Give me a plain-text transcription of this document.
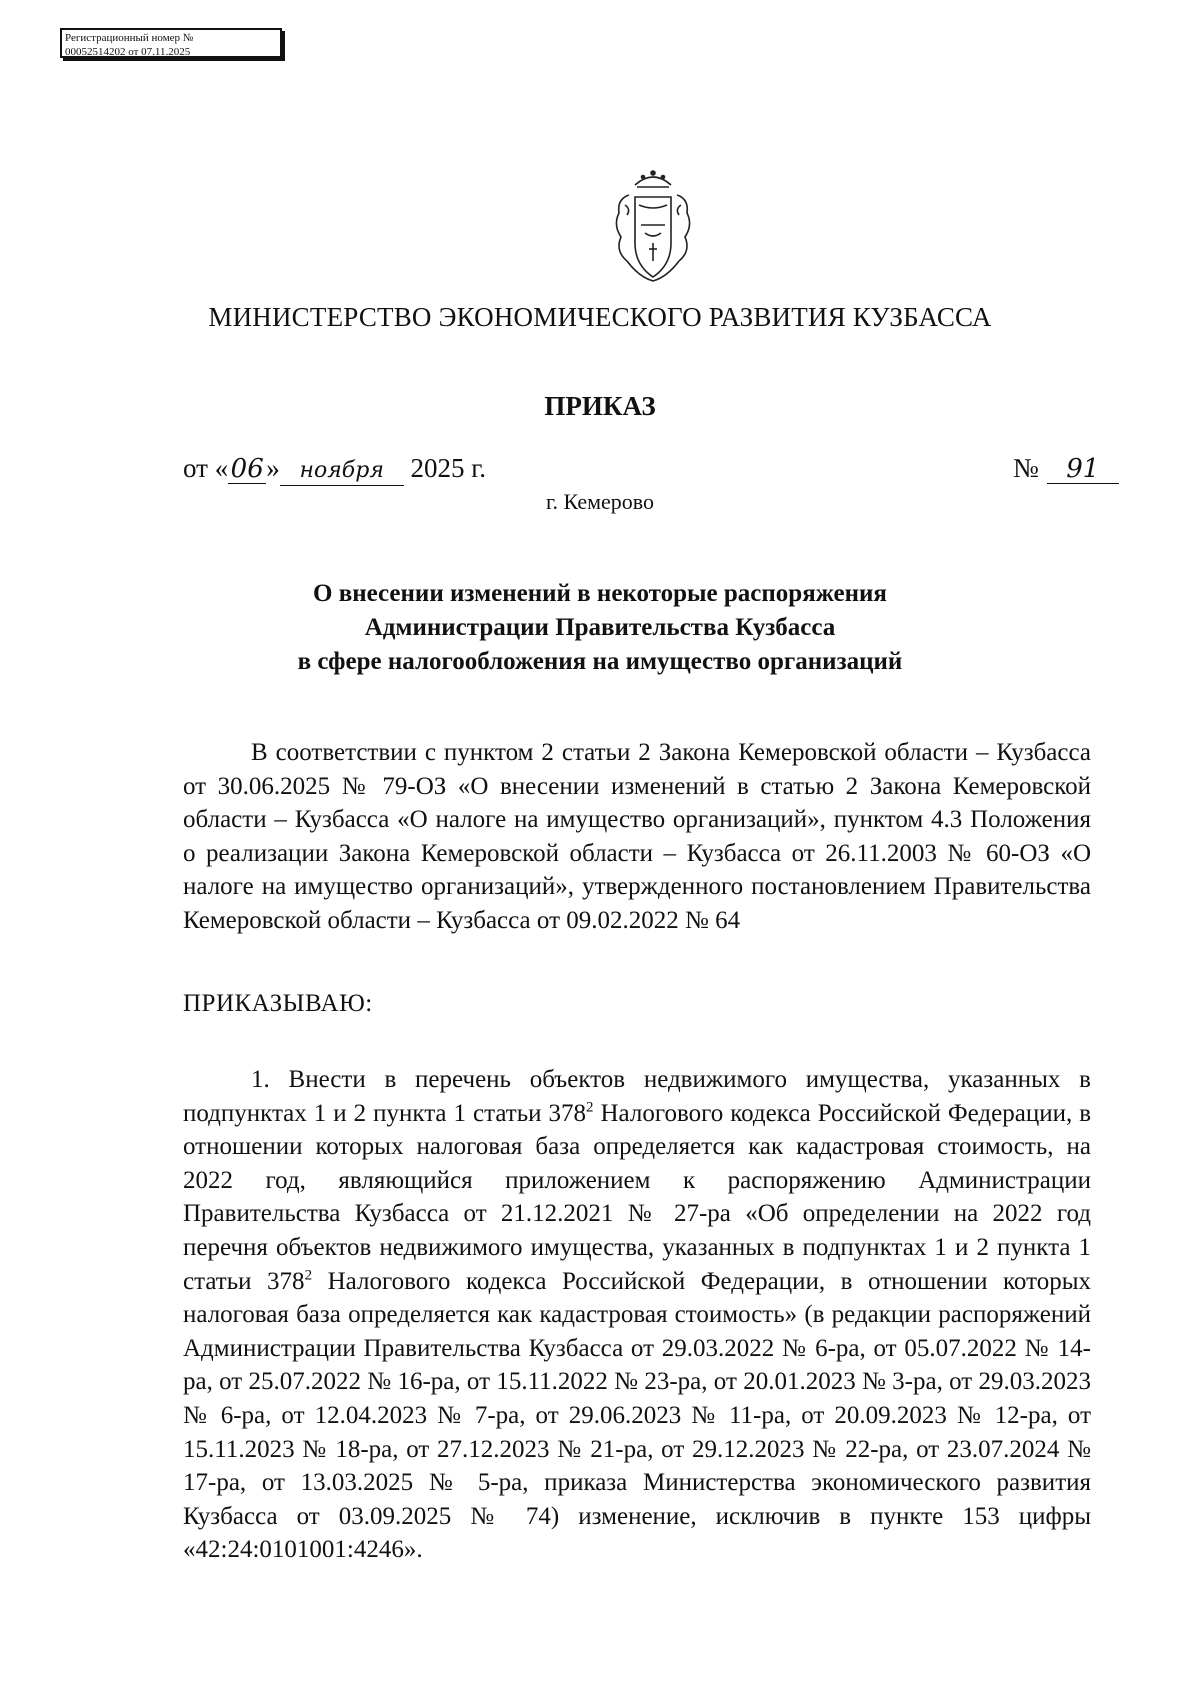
Регистрационный номер №
00052514202 от 07.11.2025
МИНИСТЕРСТВО ЭКОНОМИЧЕСКОГО РАЗВИТИЯ КУЗБАССА
ПРИКАЗ
от «06» ноября 2025 г.	№ 91
г. Кемерово
О внесении изменений в некоторые распоряжения
Администрации Правительства Кузбасса
в сфере налогообложения на имущество организаций

В соответствии с пунктом 2 статьи 2 Закона Кемеровской области – Кузбасса от 30.06.2025 № 79-ОЗ «О внесении изменений в статью 2 Закона Кемеровской области – Кузбасса «О налоге на имущество организаций», пунктом 4.3 Положения о реализации Закона Кемеровской области – Кузбасса от 26.11.2003 № 60-ОЗ «О налоге на имущество организаций», утвержденного постановлением Правительства Кемеровской области – Кузбасса от 09.02.2022 № 64

ПРИКАЗЫВАЮ:

1. Внести в перечень объектов недвижимого имущества, указанных в подпунктах 1 и 2 пункта 1 статьи $378^2$ Налогового кодекса Российской Федерации, в отношении которых налоговая база определяется как кадастровая стоимость, на 2022 год, являющийся приложением к распоряжению Администрации Правительства Кузбасса от 21.12.2021 № 27-ра «Об определении на 2022 год перечня объектов недвижимого имущества, указанных в подпунктах 1 и 2 пункта 1 статьи $378^2$ Налогового кодекса Российской Федерации, в отношении которых налоговая база определяется как кадастровая стоимость» (в редакции распоряжений Администрации Правительства Кузбасса от 29.03.2022 № 6-ра, от 05.07.2022 № 14-ра, от 25.07.2022 № 16-ра, от 15.11.2022 № 23-ра, от 20.01.2023 № 3-ра, от 29.03.2023 № 6-ра, от 12.04.2023 № 7-ра, от 29.06.2023 № 11-ра, от 20.09.2023 № 12-ра, от 15.11.2023 № 18-ра, от 27.12.2023 № 21-ра, от 29.12.2023 № 22-ра, от 23.07.2024 № 17-ра, от 13.03.2025 № 5-ра, приказа Министерства экономического развития Кузбасса от 03.09.2025 № 74) изменение, исключив в пункте 153 цифры «42:24:0101001:4246».
